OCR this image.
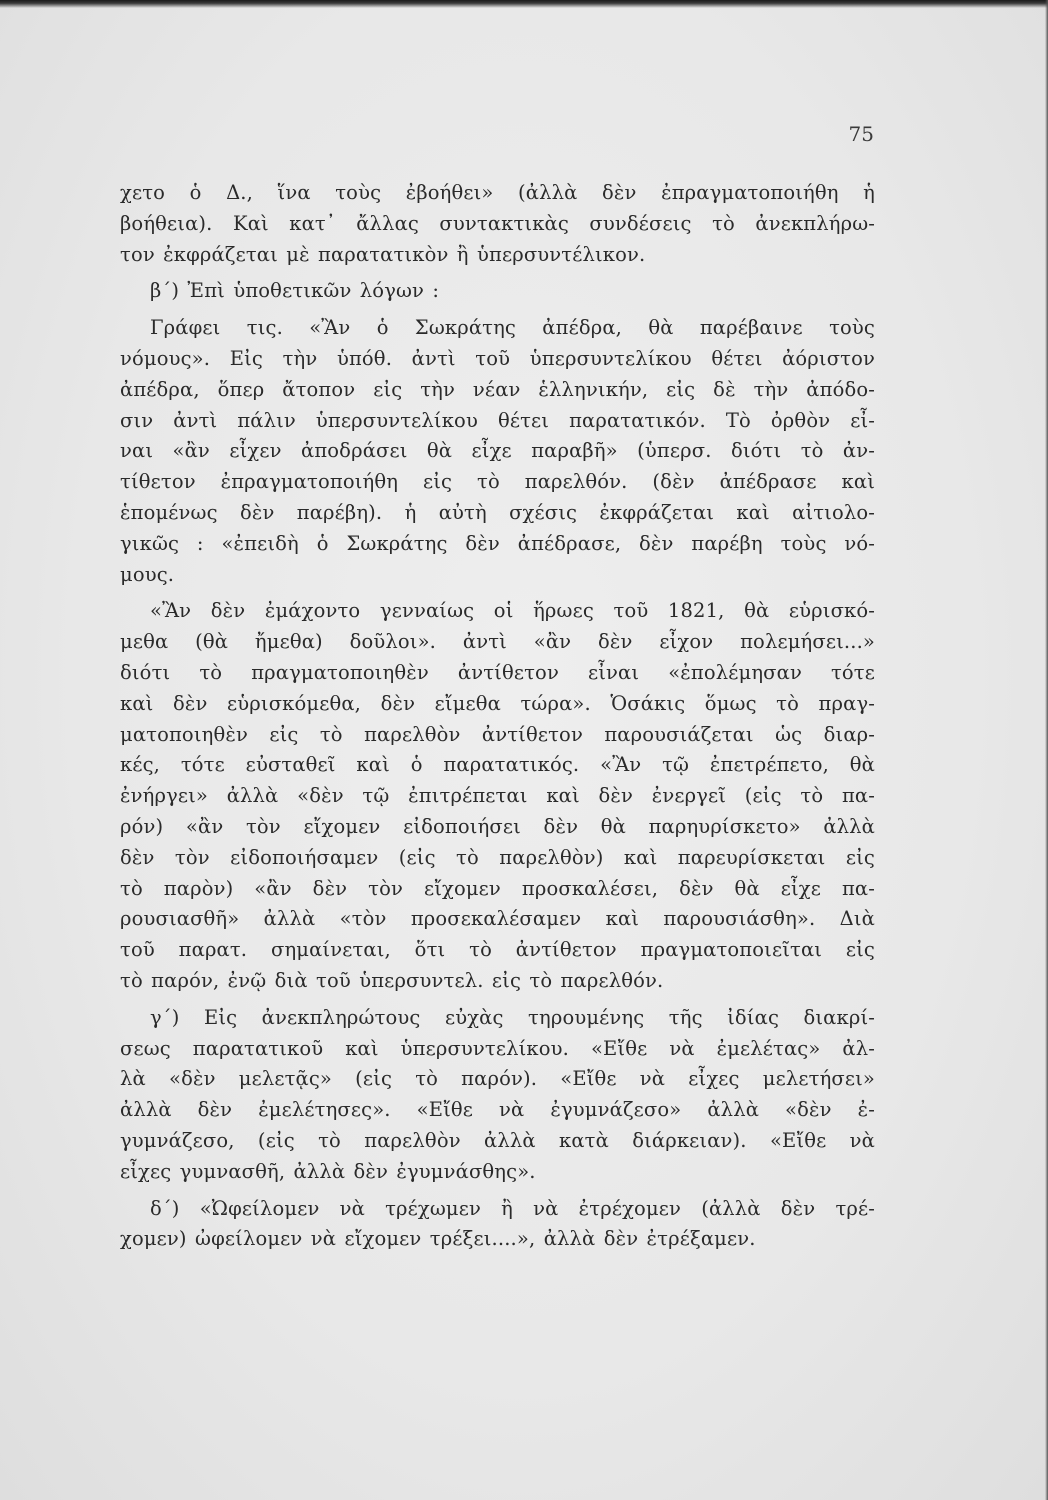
75
χετο ὁ Δ., ἵνα τοὺς ἐβοήθει» (ἀλλὰ δὲν ἐπραγματοποιήθη ἡ
βοήθεια). Καὶ κατ᾽ ἄλλας συντακτικὰς συνδέσεις τὸ ἀνεκπλήρω-
τον ἐκφράζεται μὲ παρατατικὸν ἢ ὑπερσυντέλικον.
β΄) Ἐπὶ ὑποθετικῶν λόγων :
Γράφει τις. «Ἂν ὁ Σωκράτης ἀπέδρα, θὰ παρέβαινε τοὺς
νόμους». Εἰς τὴν ὑπόθ. ἀντὶ τοῦ ὑπερσυντελίκου θέτει ἀόριστον
ἀπέδρα, ὅπερ ἄτοπον εἰς τὴν νέαν ἑλληνικήν, εἰς δὲ τὴν ἀπόδο-
σιν ἀντὶ πάλιν ὑπερσυντελίκου θέτει παρατατικόν. Τὸ ὀρθὸν εἶ-
ναι «ἂν εἶχεν ἀποδράσει θὰ εἶχε παραβῆ» (ὑπερσ. διότι τὸ ἀν-
τίθετον ἐπραγματοποιήθη εἰς τὸ παρελθόν. (δὲν ἀπέδρασε καὶ
ἑπομένως δὲν παρέβη). ἡ αὐτὴ σχέσις ἐκφράζεται καὶ αἰτιολο-
γικῶς : «ἐπειδὴ ὁ Σωκράτης δὲν ἀπέδρασε, δὲν παρέβη τοὺς νό-
μους.
«Ἂν δὲν ἐμάχοντο γενναίως οἱ ἥρωες τοῦ 1821, θὰ εὑρισκό-
μεθα (θὰ ἤμεθα) δοῦλοι». ἀντὶ «ἂν δὲν εἶχον πολεμήσει...»
διότι τὸ πραγματοποιηθὲν ἀντίθετον εἶναι «ἐπολέμησαν τότε
καὶ δὲν εὑρισκόμεθα, δὲν εἴμεθα τώρα». Ὁσάκις ὅμως τὸ πραγ-
ματοποιηθὲν εἰς τὸ παρελθὸν ἀντίθετον παρουσιάζεται ὡς διαρ-
κές, τότε εὐσταθεῖ καὶ ὁ παρατατικός. «Ἂν τῷ ἐπετρέπετο, θὰ
ἐνήργει» ἀλλὰ «δὲν τῷ ἐπιτρέπεται καὶ δὲν ἐνεργεῖ (εἰς τὸ πα-
ρόν) «ἂν τὸν εἴχομεν εἰδοποιήσει δὲν θὰ παρηυρίσκετο» ἀλλὰ
δὲν τὸν εἰδοποιήσαμεν (εἰς τὸ παρελθὸν) καὶ παρευρίσκεται εἰς
τὸ παρὸν) «ἂν δὲν τὸν εἴχομεν προσκαλέσει, δὲν θὰ εἶχε πα-
ρουσιασθῆ» ἀλλὰ «τὸν προσεκαλέσαμεν καὶ παρουσιάσθη». Διὰ
τοῦ παρατ. σημαίνεται, ὅτι τὸ ἀντίθετον πραγματοποιεῖται εἰς
τὸ παρόν, ἐνῷ διὰ τοῦ ὑπερσυντελ. εἰς τὸ παρελθόν.
γ΄) Εἰς ἀνεκπληρώτους εὐχὰς τηρουμένης τῆς ἰδίας διακρί-
σεως παρατατικοῦ καὶ ὑπερσυντελίκου. «Εἴθε νὰ ἐμελέτας» ἀλ-
λὰ «δὲν μελετᾷς» (εἰς τὸ παρόν). «Εἴθε νὰ εἶχες μελετήσει»
ἀλλὰ δὲν ἐμελέτησες». «Εἴθε νὰ ἐγυμνάζεσο» ἀλλὰ «δὲν ἐ-
γυμνάζεσο, (εἰς τὸ παρελθὸν ἀλλὰ κατὰ διάρκειαν). «Εἴθε νὰ
εἶχες γυμνασθῆ, ἀλλὰ δὲν ἐγυμνάσθης».
δ΄) «Ὠφείλομεν νὰ τρέχωμεν ἢ νὰ ἐτρέχομεν (ἀλλὰ δὲν τρέ-
χομεν) ὠφείλομεν νὰ εἴχομεν τρέξει....», ἀλλὰ δὲν ἐτρέξαμεν.
